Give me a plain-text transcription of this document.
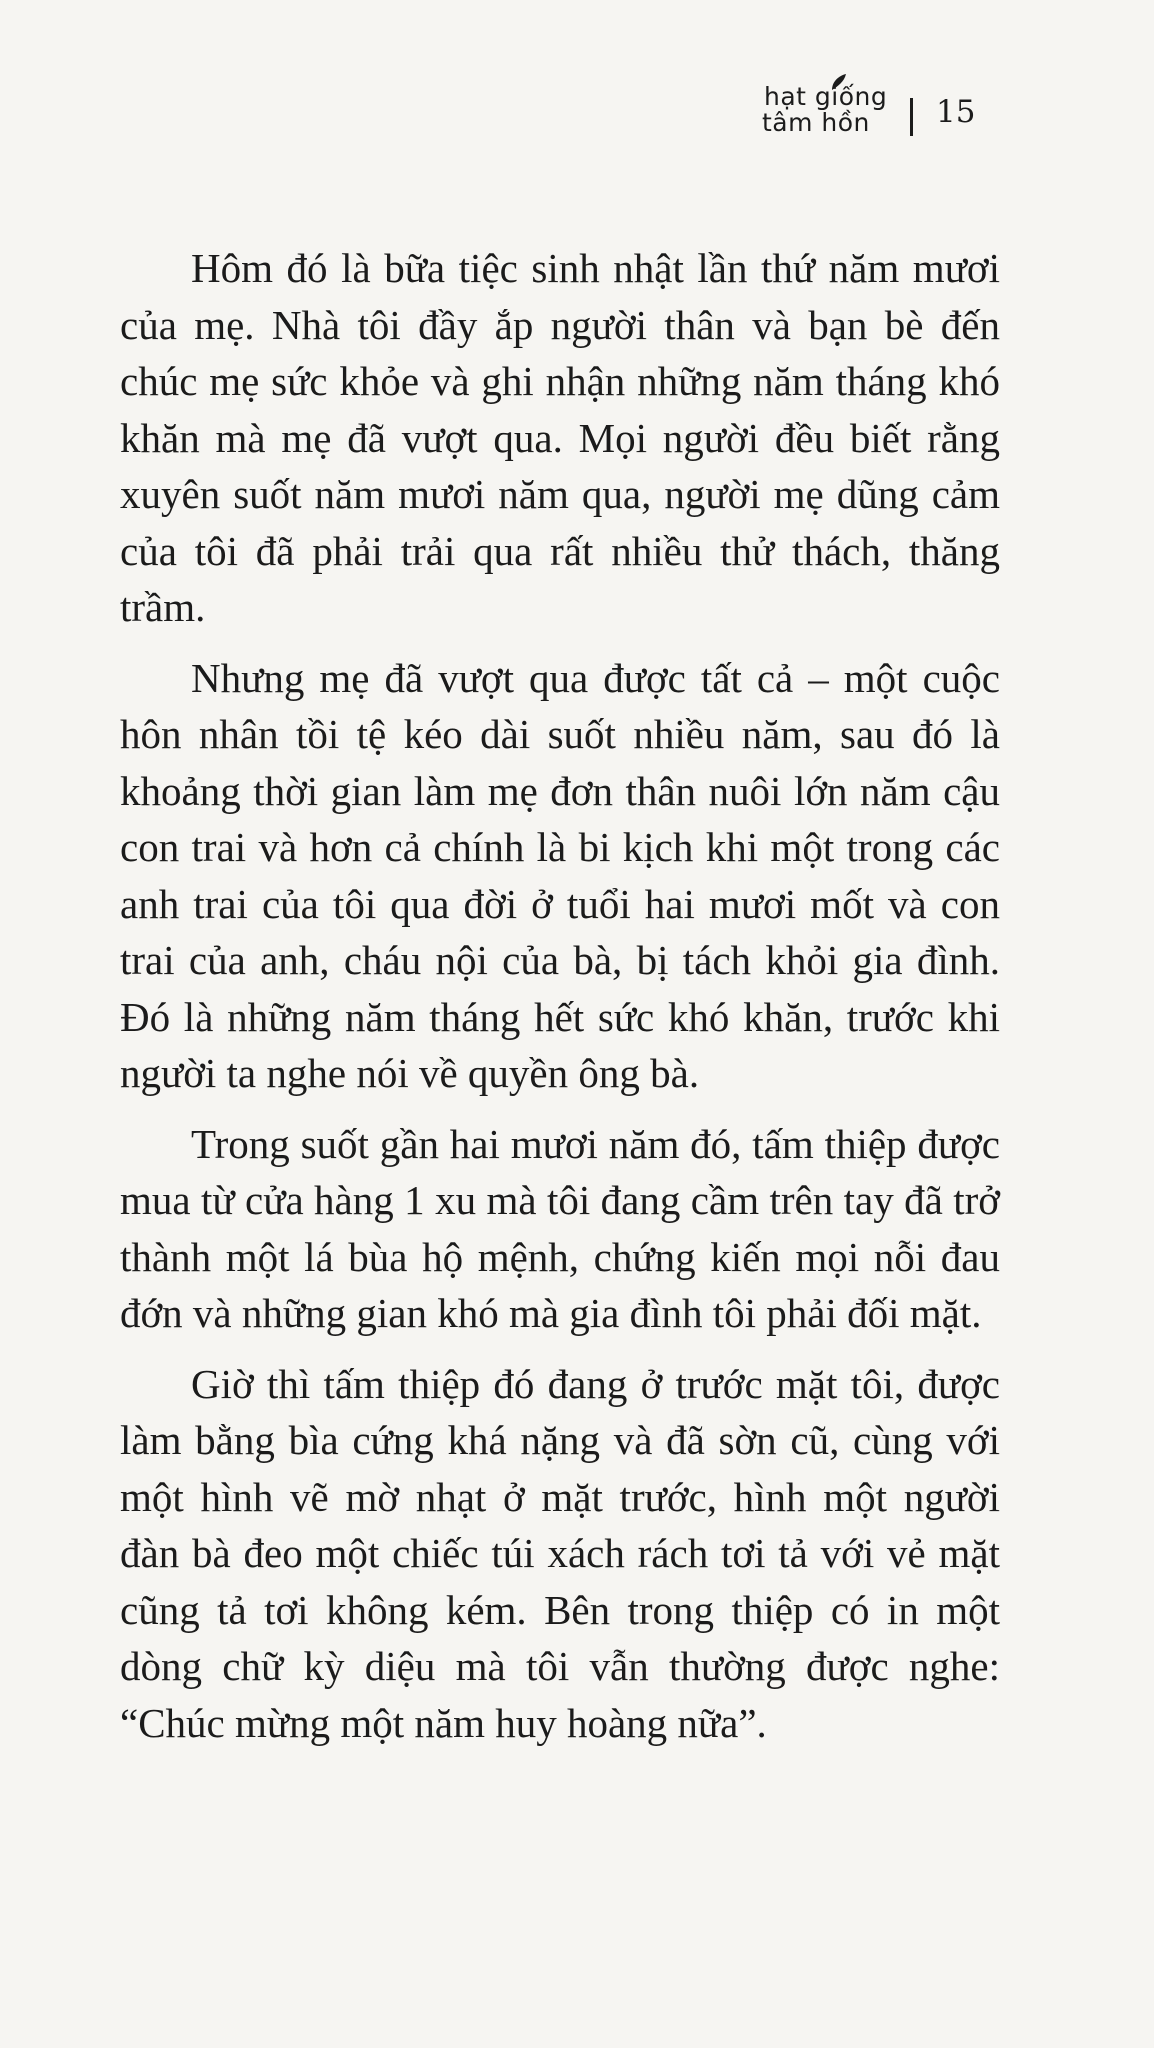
hạt giống
tâm hồn 15

Hôm đó là bữa tiệc sinh nhật lần thứ năm mươi của mẹ. Nhà tôi đầy ắp người thân và bạn bè đến chúc mẹ sức khỏe và ghi nhận những năm tháng khó khăn mà mẹ đã vượt qua. Mọi người đều biết rằng xuyên suốt năm mươi năm qua, người mẹ dũng cảm của tôi đã phải trải qua rất nhiều thử thách, thăng trầm.

Nhưng mẹ đã vượt qua được tất cả – một cuộc hôn nhân tồi tệ kéo dài suốt nhiều năm, sau đó là khoảng thời gian làm mẹ đơn thân nuôi lớn năm cậu con trai và hơn cả chính là bi kịch khi một trong các anh trai của tôi qua đời ở tuổi hai mươi mốt và con trai của anh, cháu nội của bà, bị tách khỏi gia đình. Đó là những năm tháng hết sức khó khăn, trước khi người ta nghe nói về quyền ông bà.

Trong suốt gần hai mươi năm đó, tấm thiệp được mua từ cửa hàng 1 xu mà tôi đang cầm trên tay đã trở thành một lá bùa hộ mệnh, chứng kiến mọi nỗi đau đớn và những gian khó mà gia đình tôi phải đối mặt.

Giờ thì tấm thiệp đó đang ở trước mặt tôi, được làm bằng bìa cứng khá nặng và đã sờn cũ, cùng với một hình vẽ mờ nhạt ở mặt trước, hình một người đàn bà đeo một chiếc túi xách rách tơi tả với vẻ mặt cũng tả tơi không kém. Bên trong thiệp có in một dòng chữ kỳ diệu mà tôi vẫn thường được nghe: “Chúc mừng một năm huy hoàng nữa”.
